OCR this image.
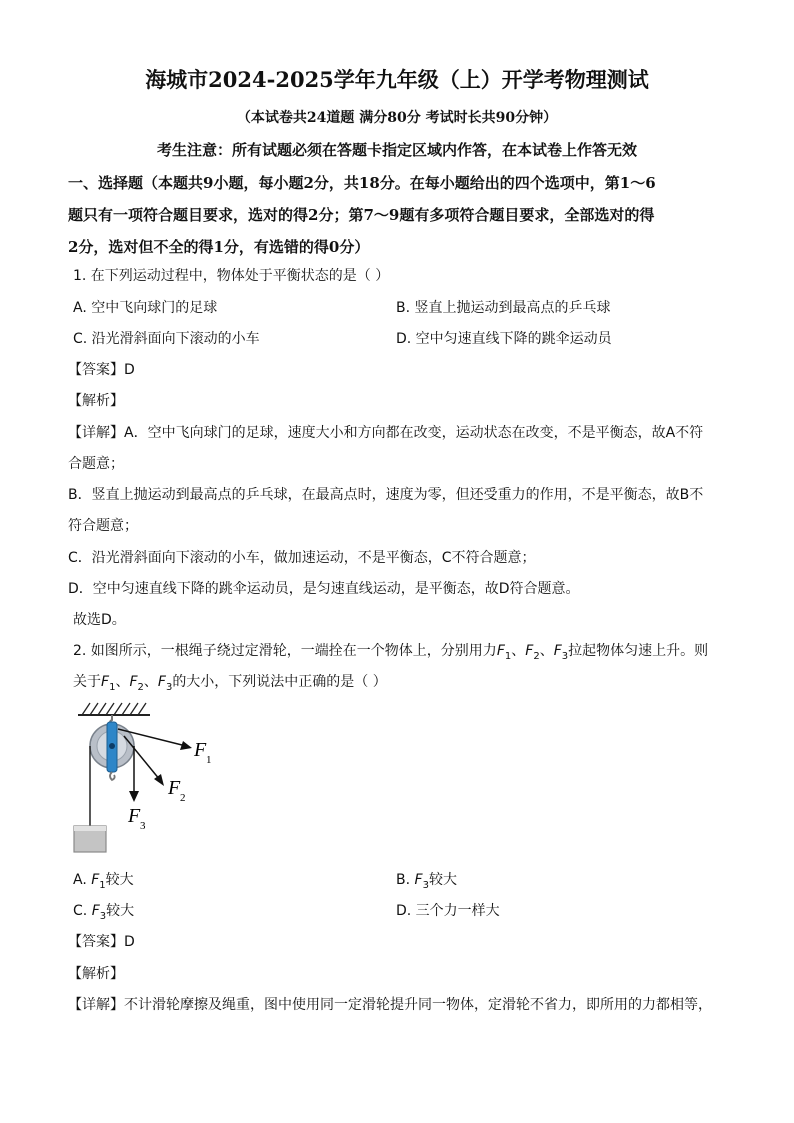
海城市2024-2025学年九年级（上）开学考物理测试
（本试卷共24道题 满分80分 考试时长共90分钟）
考生注意：所有试题必须在答题卡指定区域内作答，在本试卷上作答无效
一、选择题（本题共9小题，每小题2分，共18分。在每小题给出的四个选项中，第1～6
题只有一项符合题目要求，选对的得2分；第7～9题有多项符合题目要求，全部选对的得
2分，选对但不全的得1分，有选错的得0分）
1. 在下列运动过程中，物体处于平衡状态的是（ ）
A. 空中飞向球门的足球	B. 竖直上抛运动到最高点的乒乓球
C. 沿光滑斜面向下滚动的小车	D. 空中匀速直线下降的跳伞运动员
【答案】D
【解析】
【详解】A．空中飞向球门的足球，速度大小和方向都在改变，运动状态在改变，不是平衡态，故A不符
合题意；
B．竖直上抛运动到最高点的乒乓球，在最高点时，速度为零，但还受重力的作用，不是平衡态，故B不
符合题意；
C．沿光滑斜面向下滚动的小车，做加速运动，不是平衡态，C不符合题意；
D．空中匀速直线下降的跳伞运动员，是匀速直线运动，是平衡态，故D符合题意。
故选D。
2. 如图所示，一根绳子绕过定滑轮，一端拴在一个物体上，分别用力$F_1$、$F_2$、$F_3$拉起物体匀速上升。则
关于$F_1$、$F_2$、$F_3$的大小，下列说法中正确的是（ ）
F 1
F 2
F 3
A. $F_1$较大	B. $F_3$较大
C. $F_3$较大	D. 三个力一样大
【答案】D
【解析】
【详解】不计滑轮摩擦及绳重，图中使用同一定滑轮提升同一物体，定滑轮不省力，即所用的力都相等，
